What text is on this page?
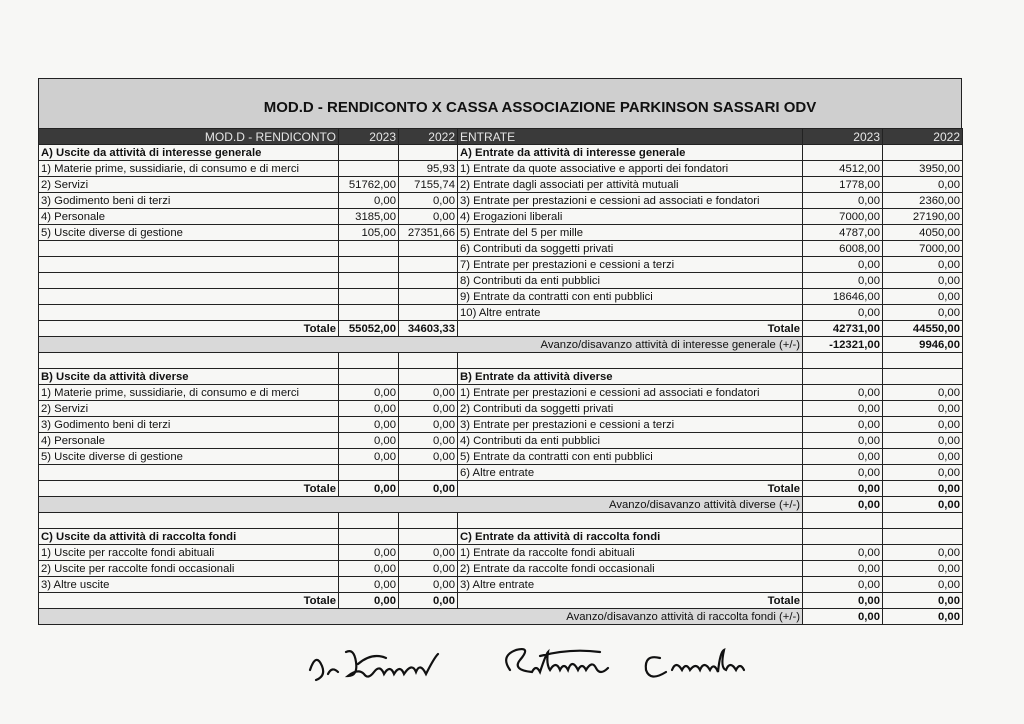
MOD.D - RENDICONTO X CASSA ASSOCIAZIONE PARKINSON SASSARI ODV
MOD.D - RENDICONTO	2023	2022	ENTRATE	2023	2022
A) Uscite da attività di interesse generale			A) Entrate da attività di interesse generale		
1) Materie prime, sussidiarie, di consumo e di merci		95,93	1) Entrate da quote associative e apporti dei fondatori	4512,00	3950,00
2) Servizi	51762,00	7155,74	2) Entrate dagli associati per attività mutuali	1778,00	0,00
3) Godimento beni di terzi	0,00	0,00	3) Entrate per prestazioni e cessioni ad associati e fondatori	0,00	2360,00
4) Personale	3185,00	0,00	4) Erogazioni liberali	7000,00	27190,00
5) Uscite diverse di gestione	105,00	27351,66	5) Entrate del 5 per mille	4787,00	4050,00
			6) Contributi da soggetti privati	6008,00	7000,00
			7) Entrate per prestazioni e cessioni a terzi	0,00	0,00
			8) Contributi da enti pubblici	0,00	0,00
			9) Entrate da contratti con enti pubblici	18646,00	0,00
			10) Altre entrate	0,00	0,00
Totale	55052,00	34603,33	Totale	42731,00	44550,00
Avanzo/disavanzo attività di interesse generale (+/-)				-12321,00	9946,00

B) Uscite da attività diverse			B) Entrate da attività diverse		
1) Materie prime, sussidiarie, di consumo e di merci	0,00	0,00	1) Entrate per prestazioni e cessioni ad associati e fondatori	0,00	0,00
2) Servizi	0,00	0,00	2) Contributi da soggetti privati	0,00	0,00
3) Godimento beni di terzi	0,00	0,00	3) Entrate per prestazioni e cessioni a terzi	0,00	0,00
4) Personale	0,00	0,00	4) Contributi da enti pubblici	0,00	0,00
5) Uscite diverse di gestione	0,00	0,00	5) Entrate da contratti con enti pubblici	0,00	0,00
			6) Altre entrate	0,00	0,00
Totale	0,00	0,00	Totale	0,00	0,00
Avanzo/disavanzo attività diverse (+/-)				0,00	0,00

C) Uscite da attività di raccolta fondi			C) Entrate da attività di raccolta fondi		
1) Uscite per raccolte fondi abituali	0,00	0,00	1) Entrate da raccolte fondi abituali	0,00	0,00
2) Uscite per raccolte fondi occasionali	0,00	0,00	2) Entrate da raccolte fondi occasionali	0,00	0,00
3) Altre uscite	0,00	0,00	3) Altre entrate	0,00	0,00
Totale	0,00	0,00	Totale	0,00	0,00
Avanzo/disavanzo attività di raccolta fondi (+/-)				0,00	0,00
